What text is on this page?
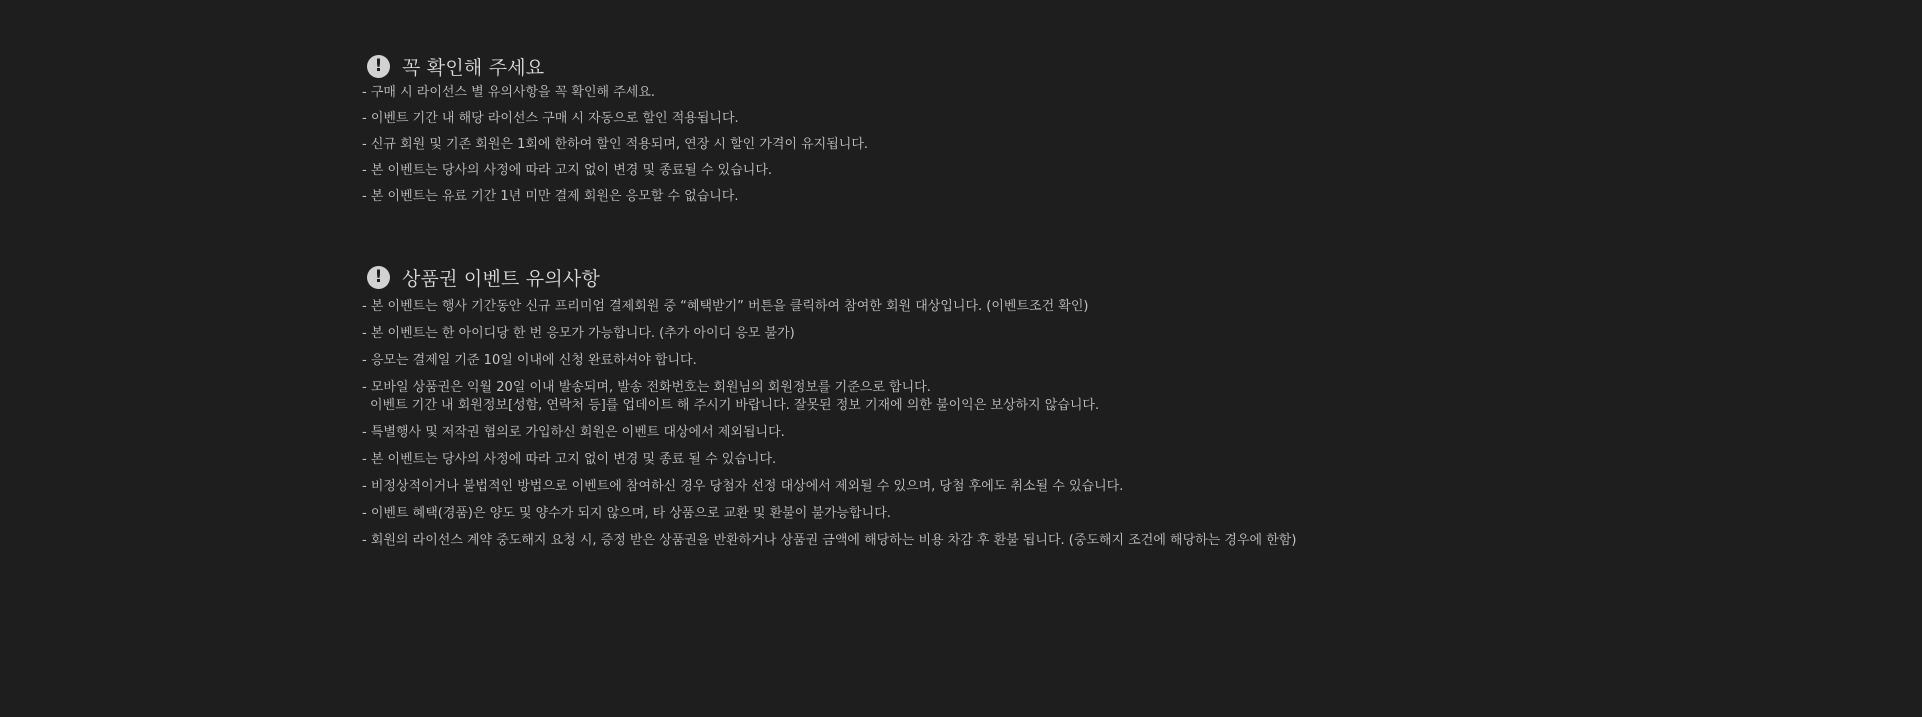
!	꼭 확인해 주세요
- 구매 시 라이선스 별 유의사항을 꼭 확인해 주세요.
- 이벤트 기간 내 해당 라이선스 구매 시 자동으로 할인 적용됩니다.
- 신규 회원 및 기존 회원은 1회에 한하여 할인 적용되며, 연장 시 할인 가격이 유지됩니다.
- 본 이벤트는 당사의 사정에 따라 고지 없이 변경 및 종료될 수 있습니다.
- 본 이벤트는 유료 기간 1년 미만 결제 회원은 응모할 수 없습니다.
!	상품권 이벤트 유의사항
- 본 이벤트는 행사 기간동안 신규 프리미엄 결제회원 중 “혜택받기” 버튼을 클릭하여 참여한 회원 대상입니다. (이벤트조건 확인)
- 본 이벤트는 한 아이디당 한 번 응모가 가능합니다. (추가 아이디 응모 불가)
- 응모는 결제일 기준 10일 이내에 신청 완료하셔야 합니다.
- 모바일 상품권은 익월 20일 이내 발송되며, 발송 전화번호는 회원님의 회원정보를 기준으로 합니다.
이벤트 기간 내 회원정보[성함, 연락처 등]를 업데이트 해 주시기 바랍니다. 잘못된 정보 기재에 의한 불이익은 보상하지 않습니다.
- 특별행사 및 저작권 협의로 가입하신 회원은 이벤트 대상에서 제외됩니다.
- 본 이벤트는 당사의 사정에 따라 고지 없이 변경 및 종료 될 수 있습니다.
- 비정상적이거나 불법적인 방법으로 이벤트에 참여하신 경우 당첨자 선정 대상에서 제외될 수 있으며, 당첨 후에도 취소될 수 있습니다.
- 이벤트 혜택(경품)은 양도 및 양수가 되지 않으며, 타 상품으로 교환 및 환불이 불가능합니다.
- 회원의 라이선스 계약 중도해지 요청 시, 증정 받은 상품권을 반환하거나 상품권 금액에 해당하는 비용 차감 후 환불 됩니다. (중도해지 조건에 해당하는 경우에 한함)
